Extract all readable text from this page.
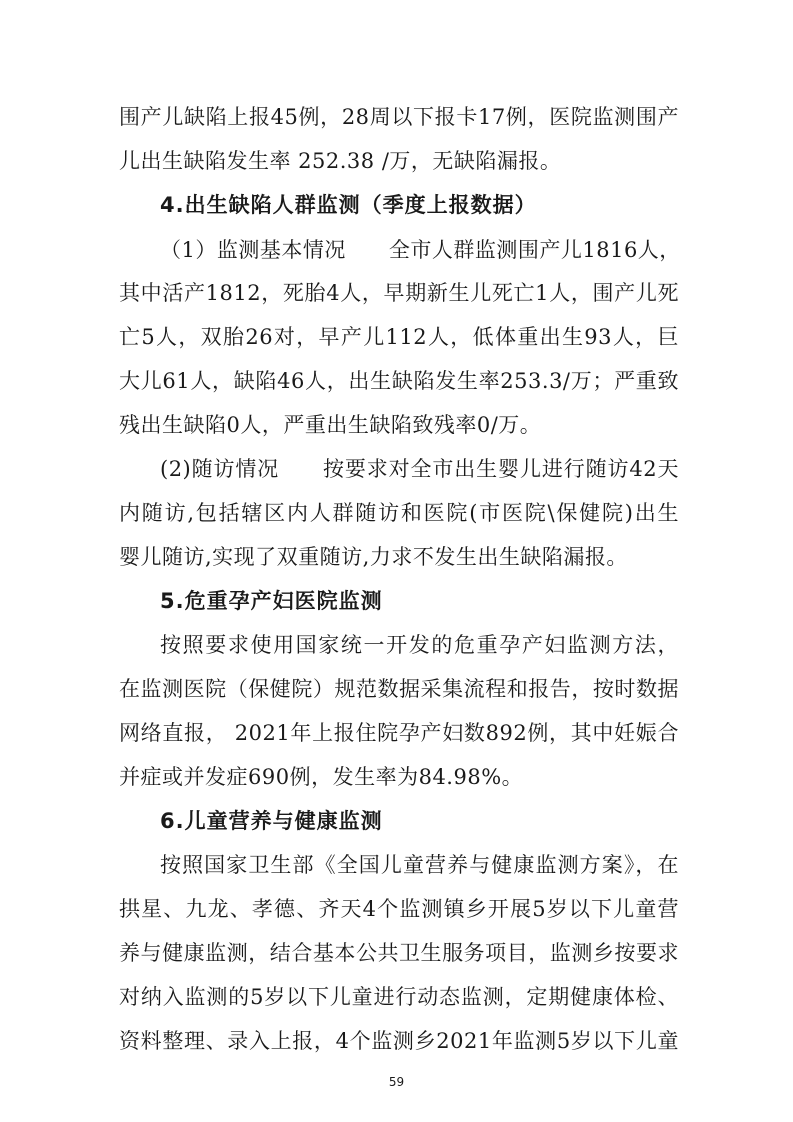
围产儿缺陷上报45例，28周以下报卡17例，医院监测围产
儿出生缺陷发生率 252.38 /万，无缺陷漏报。
4.出生缺陷人群监测（季度上报数据）
（1）监测基本情况　　全市人群监测围产儿1816人，
其中活产1812，死胎4人，早期新生儿死亡1人，围产儿死
亡5人，双胎26对，早产儿112人，低体重出生93人，巨
大儿61人，缺陷46人，出生缺陷发生率253.3/万；严重致
残出生缺陷0人，严重出生缺陷致残率0/万。
(2)随访情况　　按要求对全市出生婴儿进行随访42天
内随访,包括辖区内人群随访和医院(市医院\保健院)出生
婴儿随访,实现了双重随访,力求不发生出生缺陷漏报。
5.危重孕产妇医院监测
按照要求使用国家统一开发的危重孕产妇监测方法，
在监测医院（保健院）规范数据采集流程和报告，按时数据
网络直报， 2021年上报住院孕产妇数892例，其中妊娠合
并症或并发症690例，发生率为84.98%。
6.儿童营养与健康监测
按照国家卫生部《全国儿童营养与健康监测方案》，在
拱星、九龙、孝德、齐天4个监测镇乡开展5岁以下儿童营
养与健康监测，结合基本公共卫生服务项目，监测乡按要求
对纳入监测的5岁以下儿童进行动态监测，定期健康体检、
资料整理、录入上报，4个监测乡2021年监测5岁以下儿童
59
